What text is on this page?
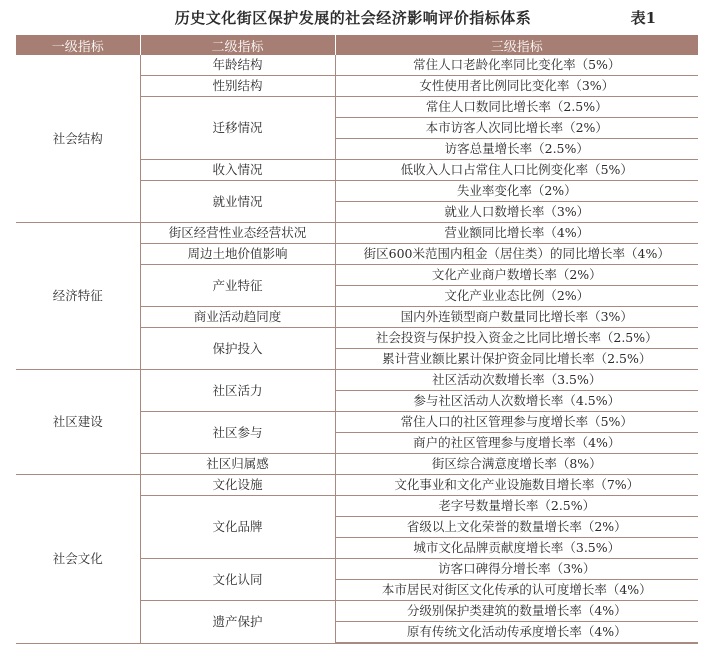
历史文化街区保护发展的社会经济影响评价指标体系	表1
一级指标	二级指标	三级指标
社会结构	年龄结构	常住人口老龄化率同比变化率（5%）
	性别结构	女性使用者比例同比变化率（3%）
	迁移情况	常住人口数同比增长率（2.5%）
		本市访客人次同比增长率（2%）
		访客总量增长率（2.5%）
	收入情况	低收入人口占常住人口比例变化率（5%）
	就业情况	失业率变化率（2%）
		就业人口数增长率（3%）
经济特征	街区经营性业态经营状况	营业额同比增长率（4%）
	周边土地价值影响	街区600米范围内租金（居住类）的同比增长率（4%）
	产业特征	文化产业商户数增长率（2%）
		文化产业业态比例（2%）
	商业活动趋同度	国内外连锁型商户数量同比增长率（3%）
	保护投入	社会投资与保护投入资金之比同比增长率（2.5%）
		累计营业额比累计保护资金同比增长率（2.5%）
社区建设	社区活力	社区活动次数增长率（3.5%）
		参与社区活动人次数增长率（4.5%）
	社区参与	常住人口的社区管理参与度增长率（5%）
		商户的社区管理参与度增长率（4%）
	社区归属感	街区综合满意度增长率（8%）
社会文化	文化设施	文化事业和文化产业设施数目增长率（7%）
	文化品牌	老字号数量增长率（2.5%）
		省级以上文化荣誉的数量增长率（2%）
		城市文化品牌贡献度增长率（3.5%）
	文化认同	访客口碑得分增长率（3%）
		本市居民对街区文化传承的认可度增长率（4%）
	遗产保护	分级别保护类建筑的数量增长率（4%）
		原有传统文化活动传承度增长率（4%）
